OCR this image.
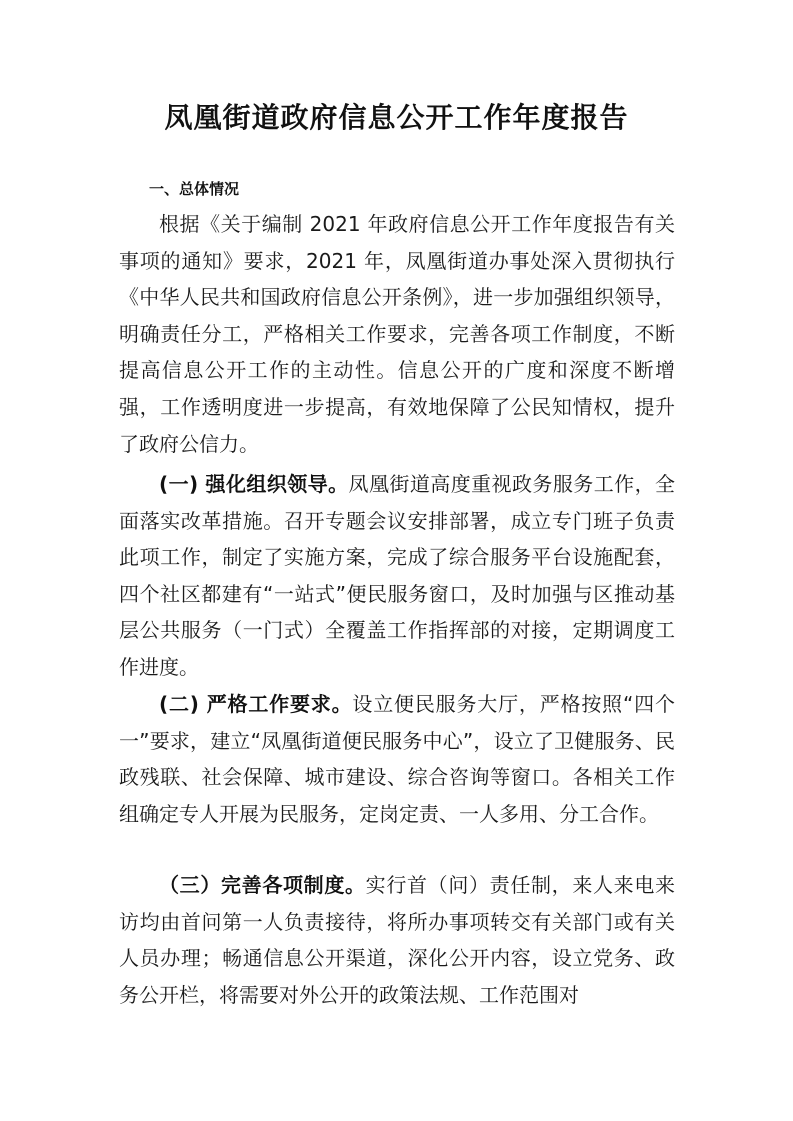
凤凰街道政府信息公开工作年度报告
一、总体情况

根据《关于编制 2021 年政府信息公开工作年度报告有关事项的通知》要求，2021 年，凤凰街道办事处深入贯彻执行《中华人民共和国政府信息公开条例》，进一步加强组织领导，明确责任分工，严格相关工作要求，完善各项工作制度，不断提高信息公开工作的主动性。信息公开的广度和深度不断增强，工作透明度进一步提高，有效地保障了公民知情权，提升了政府公信力。

(一) 强化组织领导。凤凰街道高度重视政务服务工作，全面落实改革措施。召开专题会议安排部署，成立专门班子负责此项工作，制定了实施方案，完成了综合服务平台设施配套，四个社区都建有“一站式”便民服务窗口，及时加强与区推动基层公共服务（一门式）全覆盖工作指挥部的对接，定期调度工作进度。

(二) 严格工作要求。设立便民服务大厅，严格按照“四个一”要求，建立“凤凰街道便民服务中心”，设立了卫健服务、民政残联、社会保障、城市建设、综合咨询等窗口。各相关工作组确定专人开展为民服务，定岗定责、一人多用、分工合作。

（三）完善各项制度。实行首（问）责任制，来人来电来访均由首问第一人负责接待，将所办事项转交有关部门或有关人员办理；畅通信息公开渠道，深化公开内容，设立党务、政务公开栏，将需要对外公开的政策法规、工作范围对
